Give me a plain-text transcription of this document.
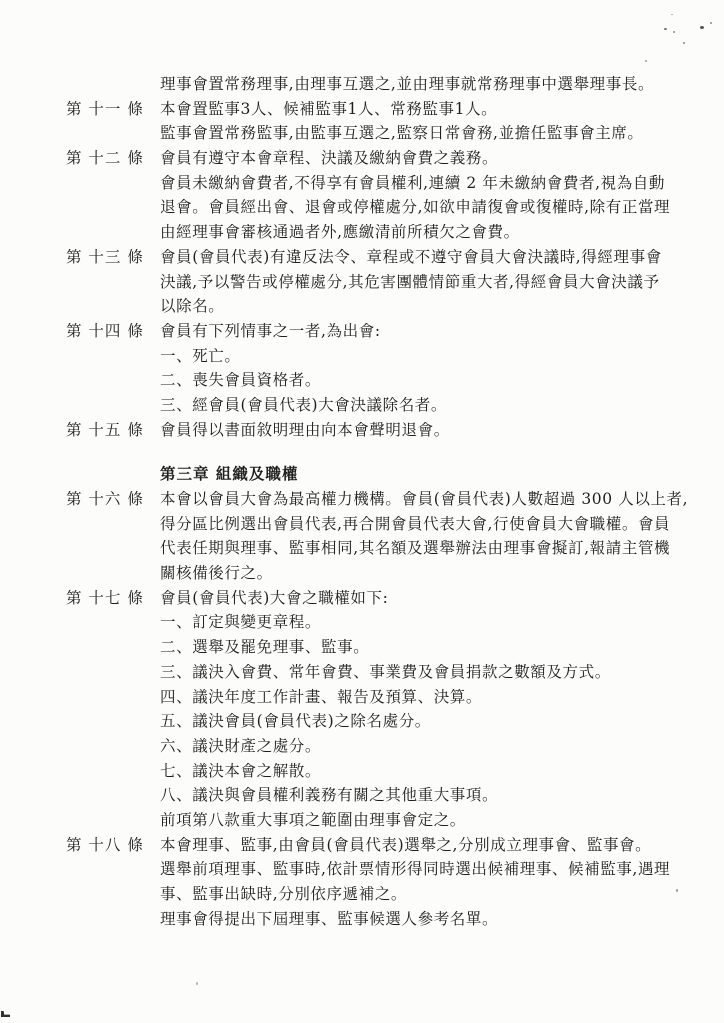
理事會置常務理事,由理事互選之,並由理事就常務理事中選舉理事長。
第 十一 條	本會置監事3人、候補監事1人、常務監事1人。
監事會置常務監事,由監事互選之,監察日常會務,並擔任監事會主席。
第 十二 條	會員有遵守本會章程、決議及繳納會費之義務。
會員未繳納會費者,不得享有會員權利,連續 2 年未繳納會費者,視為自動
退會。會員經出會、退會或停權處分,如欲申請復會或復權時,除有正當理
由經理事會審核通過者外,應繳清前所積欠之會費。
第 十三 條	會員(會員代表)有違反法令、章程或不遵守會員大會決議時,得經理事會
決議,予以警告或停權處分,其危害團體情節重大者,得經會員大會決議予
以除名。
第 十四 條	會員有下列情事之一者,為出會:
一、死亡。
二、喪失會員資格者。
三、經會員(會員代表)大會決議除名者。
第 十五 條	會員得以書面敘明理由向本會聲明退會。
第三章 組織及職權
第 十六 條	本會以會員大會為最高權力機構。會員(會員代表)人數超過 300 人以上者,
得分區比例選出會員代表,再合開會員代表大會,行使會員大會職權。會員
代表任期與理事、監事相同,其名額及選舉辦法由理事會擬訂,報請主管機
關核備後行之。
第 十七 條	會員(會員代表)大會之職權如下:
一、訂定與變更章程。
二、選舉及罷免理事、監事。
三、議決入會費、常年會費、事業費及會員捐款之數額及方式。
四、議決年度工作計畫、報告及預算、決算。
五、議決會員(會員代表)之除名處分。
六、議決財產之處分。
七、議決本會之解散。
八、議決與會員權利義務有關之其他重大事項。
前項第八款重大事項之範圍由理事會定之。
第 十八 條	本會理事、監事,由會員(會員代表)選舉之,分別成立理事會、監事會。
選舉前項理事、監事時,依計票情形得同時選出候補理事、候補監事,遇理
事、監事出缺時,分別依序遞補之。
理事會得提出下屆理事、監事候選人參考名單。
